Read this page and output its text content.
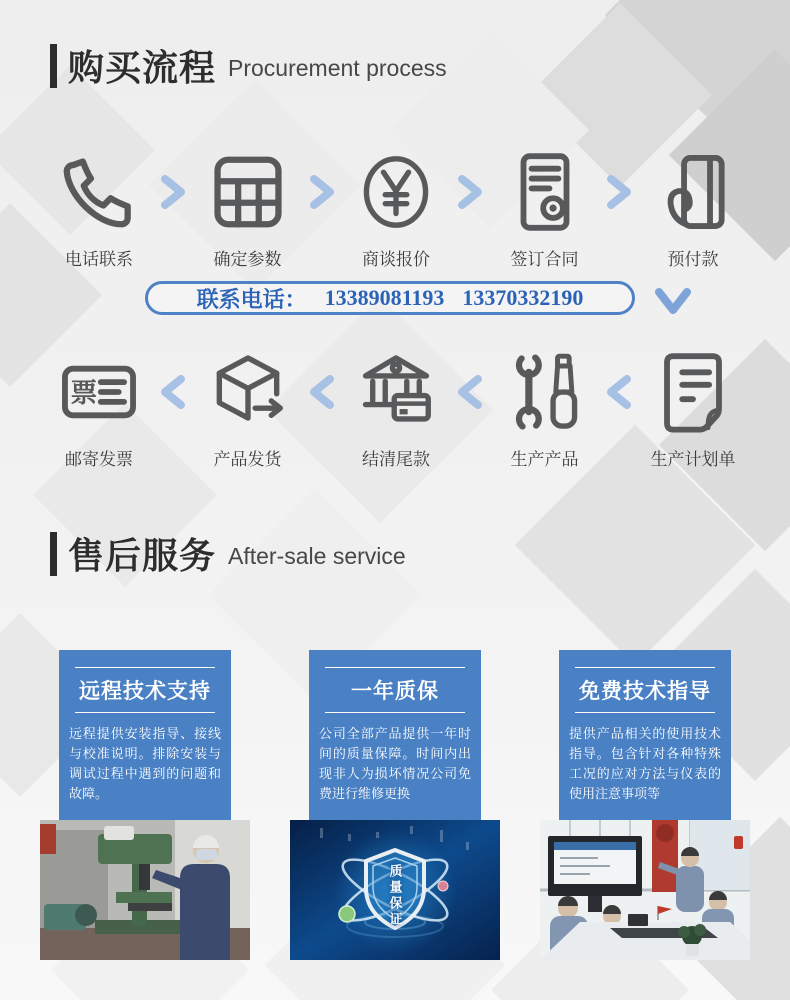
购买流程 Procurement process
电话联系	确定参数	商谈报价	签订合同	预付款
联系电话： 13389081193 13370332190
票
邮寄发票	产品发货	结清尾款	生产产品	生产计划单
售后服务 After-sale service
远程技术支持
远程提供安装指导、接线与校准说明。排除安装与调试过程中遇到的问题和故障。
一年质保
公司全部产品提供一年时间的质量保障。时间内出现非人为损坏情况公司免费进行维修更换
质量保证
免费技术指导
提供产品相关的使用技术指导。包含针对各种特殊工况的应对方法与仪表的使用注意事项等
